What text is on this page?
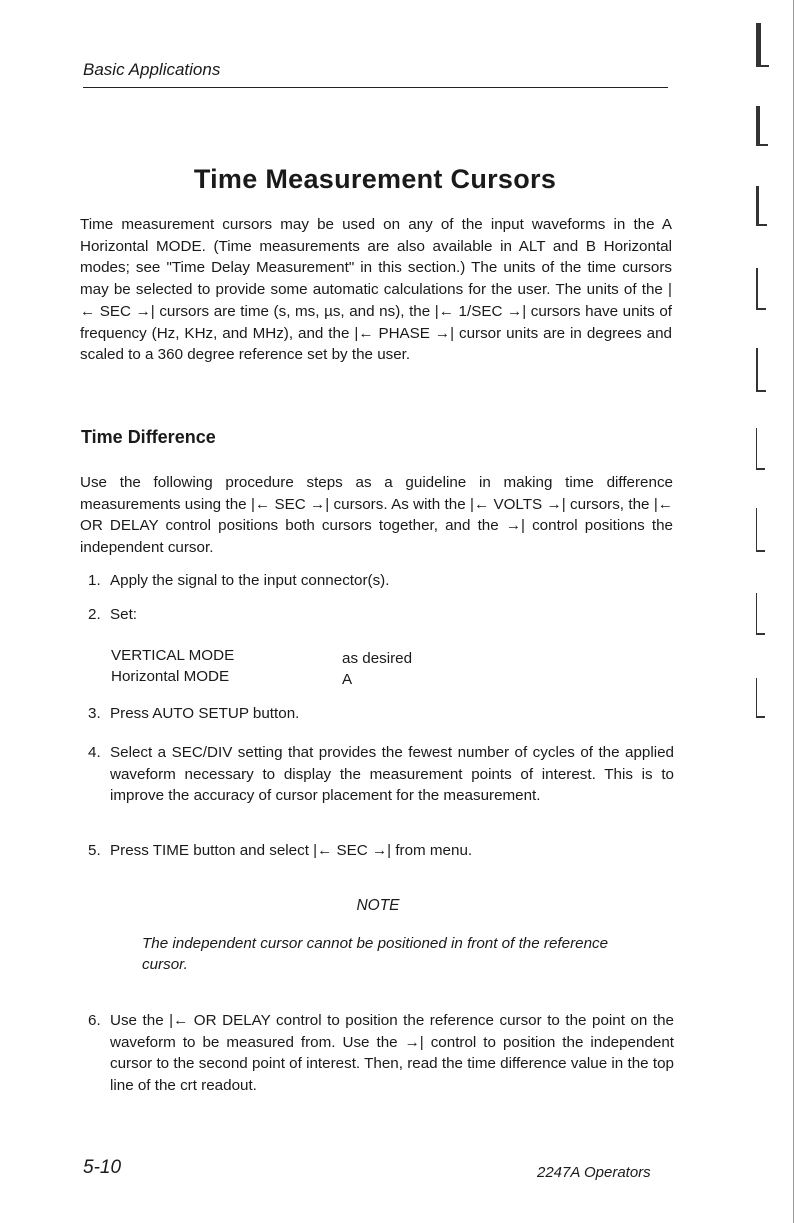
Basic Applications
Time Measurement Cursors
Time measurement cursors may be used on any of the input waveforms in the A Horizontal MODE. (Time measurements are also available in ALT and B Horizontal modes; see "Time Delay Measurement" in this section.) The units of the time cursors may be selected to provide some automatic calculations for the user. The units of the |← SEC →| cursors are time (s, ms, µs, and ns), the |← 1/SEC →| cursors have units of frequency (Hz, KHz, and MHz), and the |← PHASE →| cursor units are in degrees and scaled to a 360 degree reference set by the user.
Time Difference
Use the following procedure steps as a guideline in making time difference measurements using the |← SEC →| cursors. As with the |← VOLTS →| cursors, the |← OR DELAY control positions both cursors together, and the →| control positions the independent cursor.
1. Apply the signal to the input connector(s).
2. Set:
VERTICAL MODE	as desired
Horizontal MODE	A
3. Press AUTO SETUP button.
4. Select a SEC/DIV setting that provides the fewest number of cycles of the applied waveform necessary to display the measurement points of interest. This is to improve the accuracy of cursor placement for the measurement.
5. Press TIME button and select |← SEC →| from menu.
NOTE
The independent cursor cannot be positioned in front of the reference cursor.
6. Use the |← OR DELAY control to position the reference cursor to the point on the waveform to be measured from. Use the →| control to position the independent cursor to the second point of interest. Then, read the time difference value in the top line of the crt readout.
5-10	2247A Operators
